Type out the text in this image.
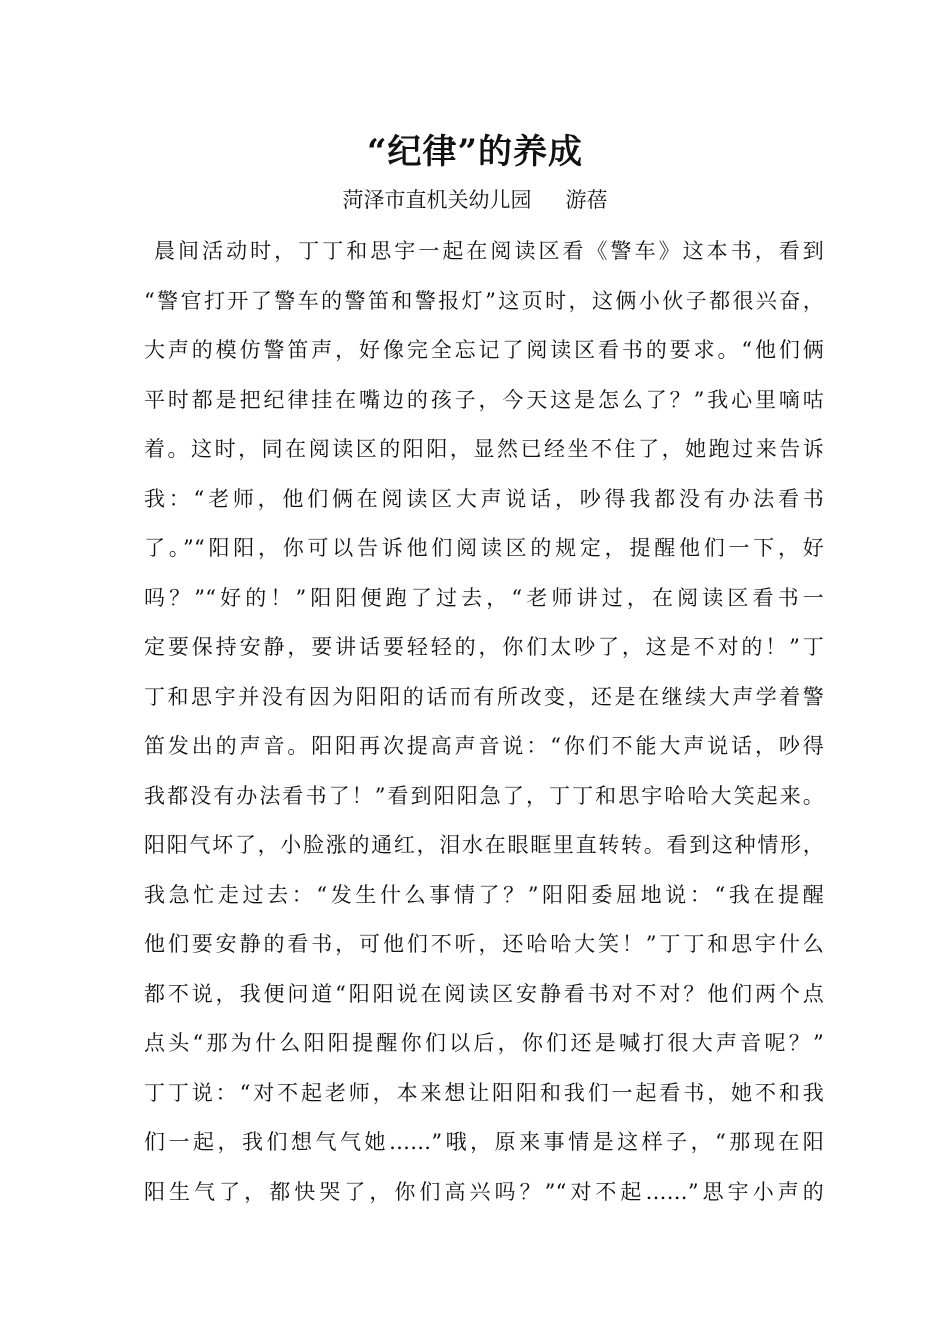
“纪律”的养成
菏泽市直机关幼儿园 游蓓
晨间活动时，丁丁和思宇一起在阅读区看《警车》这本书，看到
“警官打开了警车的警笛和警报灯”这页时，这俩小伙子都很兴奋，
大声的模仿警笛声，好像完全忘记了阅读区看书的要求。“他们俩
平时都是把纪律挂在嘴边的孩子，今天这是怎么了？”我心里嘀咕
着。这时，同在阅读区的阳阳，显然已经坐不住了，她跑过来告诉
我：“老师，他们俩在阅读区大声说话，吵得我都没有办法看书
了。”“阳阳，你可以告诉他们阅读区的规定，提醒他们一下，好
吗？”“好的！”阳阳便跑了过去，“老师讲过，在阅读区看书一
定要保持安静，要讲话要轻轻的，你们太吵了，这是不对的！”丁
丁和思宇并没有因为阳阳的话而有所改变，还是在继续大声学着警
笛发出的声音。阳阳再次提高声音说：“你们不能大声说话，吵得
我都没有办法看书了！”看到阳阳急了，丁丁和思宇哈哈大笑起来。
阳阳气坏了，小脸涨的通红，泪水在眼眶里直转转。看到这种情形，
我急忙走过去：“发生什么事情了？”阳阳委屈地说：“我在提醒
他们要安静的看书，可他们不听，还哈哈大笑！”丁丁和思宇什么
都不说，我便问道“阳阳说在阅读区安静看书对不对？他们两个点
点头“那为什么阳阳提醒你们以后，你们还是喊打很大声音呢？”
丁丁说：“对不起老师，本来想让阳阳和我们一起看书，她不和我
们一起，我们想气气她……”哦，原来事情是这样子，“那现在阳
阳生气了，都快哭了，你们高兴吗？”“对不起……”思宇小声的
